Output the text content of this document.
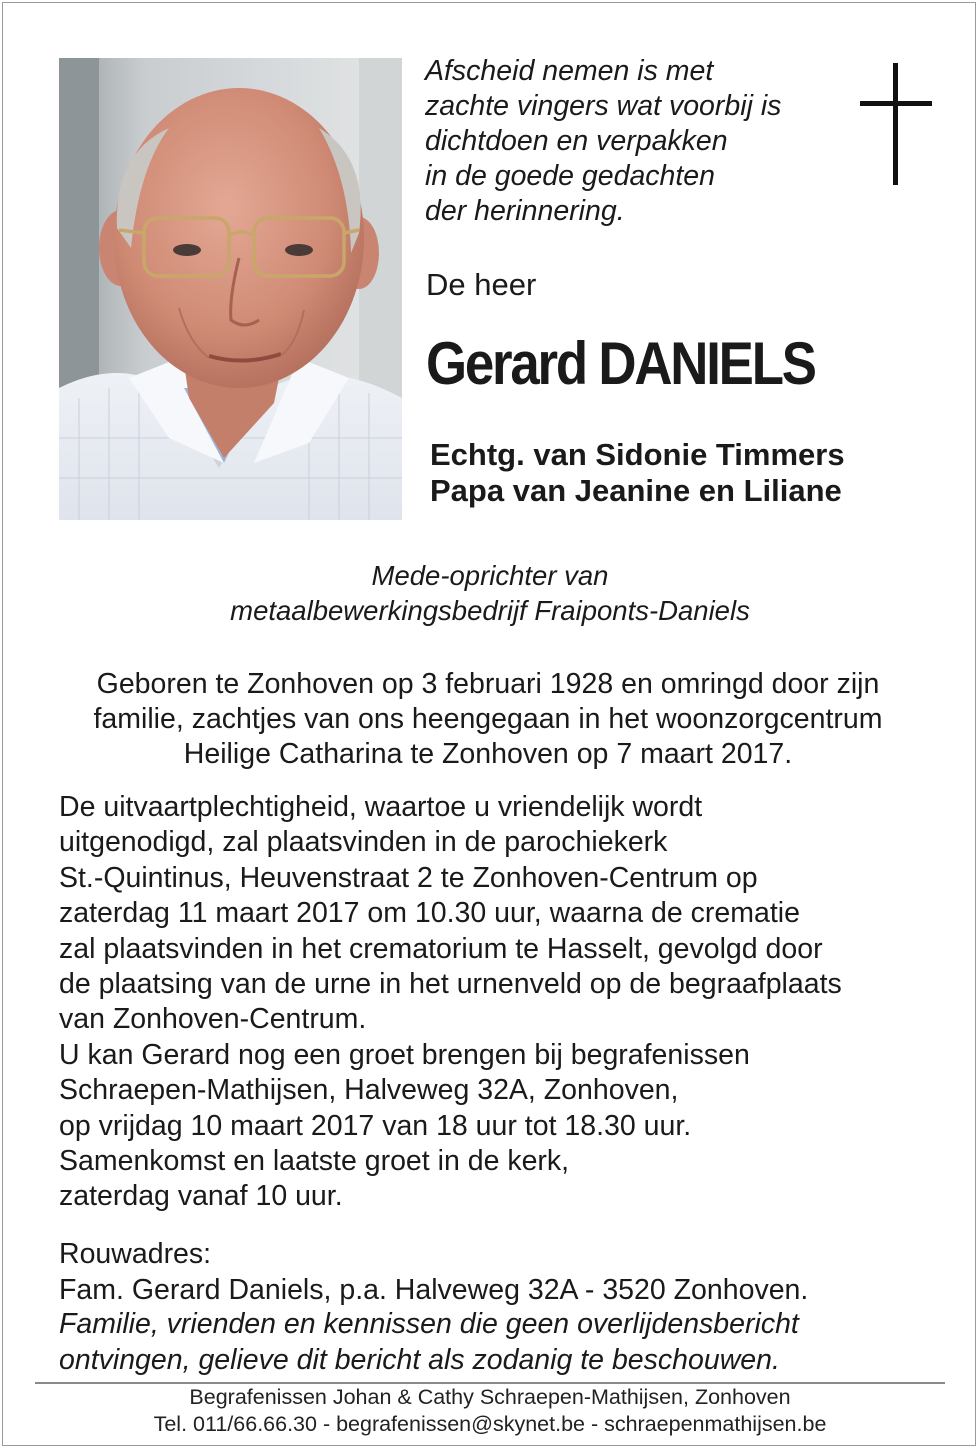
Afscheid nemen is met
zachte vingers wat voorbij is
dichtdoen en verpakken
in de goede gedachten
der herinnering.
De heer
Gerard DANIELS
Echtg. van Sidonie Timmers
Papa van Jeanine en Liliane
Mede-oprichter van
metaalbewerkingsbedrijf Fraiponts-Daniels
Geboren te Zonhoven op 3 februari 1928 en omringd door zijn
familie, zachtjes van ons heengegaan in het woonzorgcentrum
Heilige Catharina te Zonhoven op 7 maart 2017.
De uitvaartplechtigheid, waartoe u vriendelijk wordt
uitgenodigd, zal plaatsvinden in de parochiekerk
St.-Quintinus, Heuvenstraat 2 te Zonhoven-Centrum op
zaterdag 11 maart 2017 om 10.30 uur, waarna de crematie
zal plaatsvinden in het crematorium te Hasselt, gevolgd door
de plaatsing van de urne in het urnenveld op de begraafplaats
van Zonhoven-Centrum.
U kan Gerard nog een groet brengen bij begrafenissen
Schraepen-Mathijsen, Halveweg 32A, Zonhoven,
op vrijdag 10 maart 2017 van 18 uur tot 18.30 uur.
Samenkomst en laatste groet in de kerk,
zaterdag vanaf 10 uur.
Rouwadres:
Fam. Gerard Daniels, p.a. Halveweg 32A - 3520 Zonhoven.
Familie, vrienden en kennissen die geen overlijdensbericht
ontvingen, gelieve dit bericht als zodanig te beschouwen.
Begrafenissen Johan & Cathy Schraepen-Mathijsen, Zonhoven
Tel. 011/66.66.30 - begrafenissen@skynet.be - schraepenmathijsen.be
